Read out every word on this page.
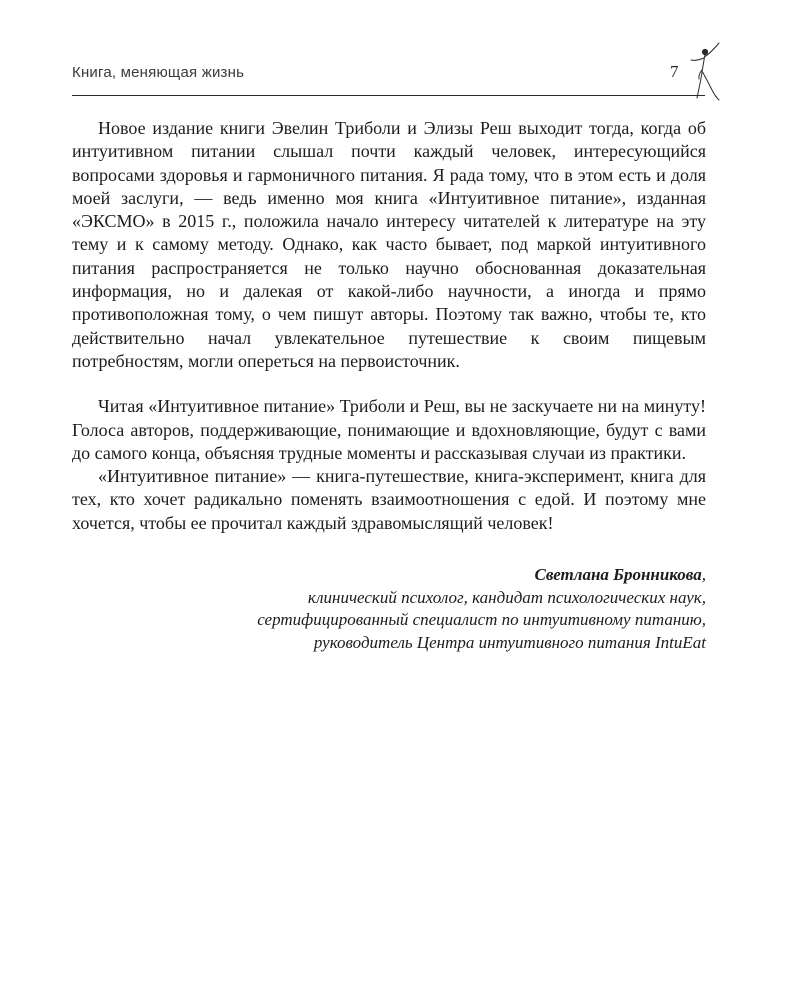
Книга, меняющая жизнь	7

Новое издание книги Эвелин Триболи и Элизы Реш выходит тогда, когда об интуитивном питании слышал почти каждый человек, интересующийся вопросами здоровья и гармоничного питания. Я рада тому, что в этом есть и доля моей заслуги, — ведь именно моя книга «Интуитивное питание», изданная «ЭКСМО» в 2015 г., положила начало интересу читателей к литературе на эту тему и к самому методу. Однако, как часто бывает, под маркой интуитивного питания распространяется не только научно обоснованная доказательная информация, но и далекая от какой-либо научности, а иногда и прямо противоположная тому, о чем пишут авторы. Поэтому так важно, чтобы те, кто действительно начал увлекательное путешествие к своим пищевым потребностям, могли опереться на первоисточник.

Читая «Интуитивное питание» Триболи и Реш, вы не заскучаете ни на минуту! Голоса авторов, поддерживающие, понимающие и вдохновляющие, будут с вами до самого конца, объясняя трудные моменты и рассказывая случаи из практики.

«Интуитивное питание» — книга-путешествие, книга-эксперимент, книга для тех, кто хочет радикально поменять взаимоотношения с едой. И поэтому мне хочется, чтобы ее прочитал каждый здравомыслящий человек!

Светлана Бронникова,
клинический психолог, кандидат психологических наук,
сертифицированный специалист по интуитивному питанию,
руководитель Центра интуитивного питания IntuEat
